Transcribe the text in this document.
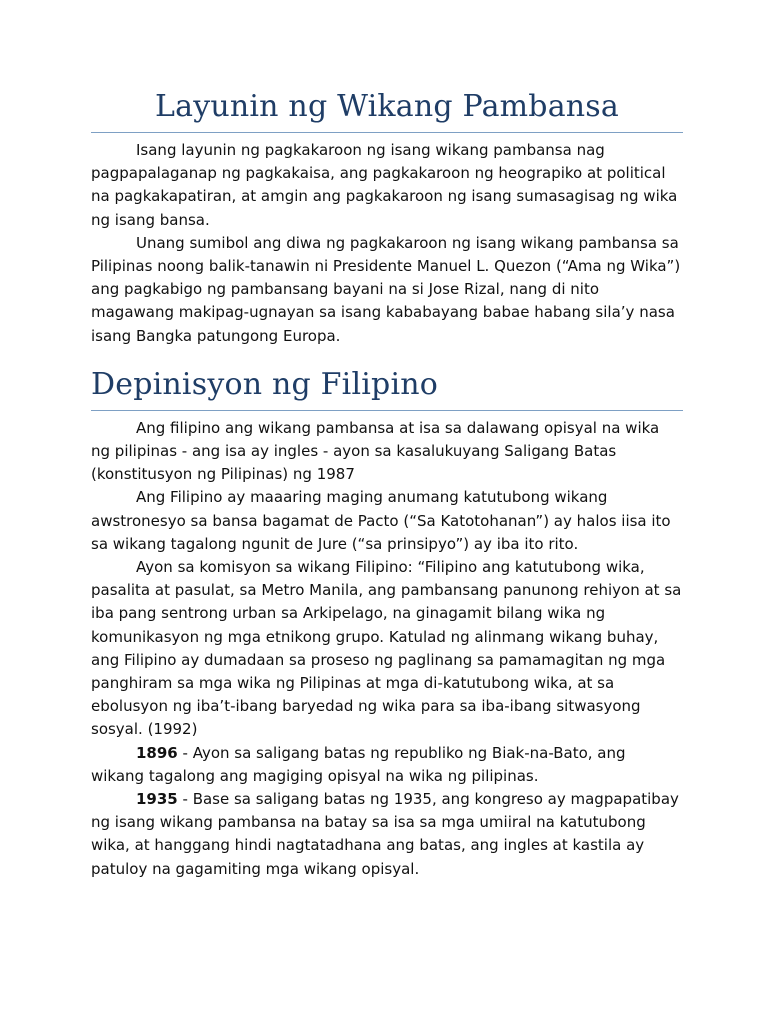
Layunin ng Wikang Pambansa

Isang layunin ng pagkakaroon ng isang wikang pambansa nag pagpapalaganap ng pagkakaisa, ang pagkakaroon ng heograpiko at political na pagkakapatiran, at amgin ang pagkakaroon ng isang sumasagisag ng wika ng isang bansa.

Unang sumibol ang diwa ng pagkakaroon ng isang wikang pambansa sa Pilipinas noong balik-tanawin ni Presidente Manuel L. Quezon (“Ama ng Wika”) ang pagkabigo ng pambansang bayani na si Jose Rizal, nang di nito magawang makipag-ugnayan sa isang kababayang babae habang sila’y nasa isang Bangka patungong Europa.

Depinisyon ng Filipino

Ang filipino ang wikang pambansa at isa sa dalawang opisyal na wika ng pilipinas - ang isa ay ingles - ayon sa kasalukuyang Saligang Batas (konstitusyon ng Pilipinas) ng 1987

Ang Filipino ay maaaring maging anumang katutubong wikang awstronesyo sa bansa bagamat de Pacto (“Sa Katotohanan”) ay halos iisa ito sa wikang tagalong ngunit de Jure (“sa prinsipyo”) ay iba ito rito.

Ayon sa komisyon sa wikang Filipino: “Filipino ang katutubong wika, pasalita at pasulat, sa Metro Manila, ang pambansang panunong rehiyon at sa iba pang sentrong urban sa Arkipelago, na ginagamit bilang wika ng komunikasyon ng mga etnikong grupo. Katulad ng alinmang wikang buhay, ang Filipino ay dumadaan sa proseso ng paglinang sa pamamagitan ng mga panghiram sa mga wika ng Pilipinas at mga di-katutubong wika, at sa ebolusyon ng iba’t-ibang baryedad ng wika para sa iba-ibang sitwasyong sosyal. (1992)

1896 - Ayon sa saligang batas ng republiko ng Biak-na-Bato, ang wikang tagalong ang magiging opisyal na wika ng pilipinas.

1935 - Base sa saligang batas ng 1935, ang kongreso ay magpapatibay ng isang wikang pambansa na batay sa isa sa mga umiiral na katutubong wika, at hanggang hindi nagtatadhana ang batas, ang ingles at kastila ay patuloy na gagamiting mga wikang opisyal.
